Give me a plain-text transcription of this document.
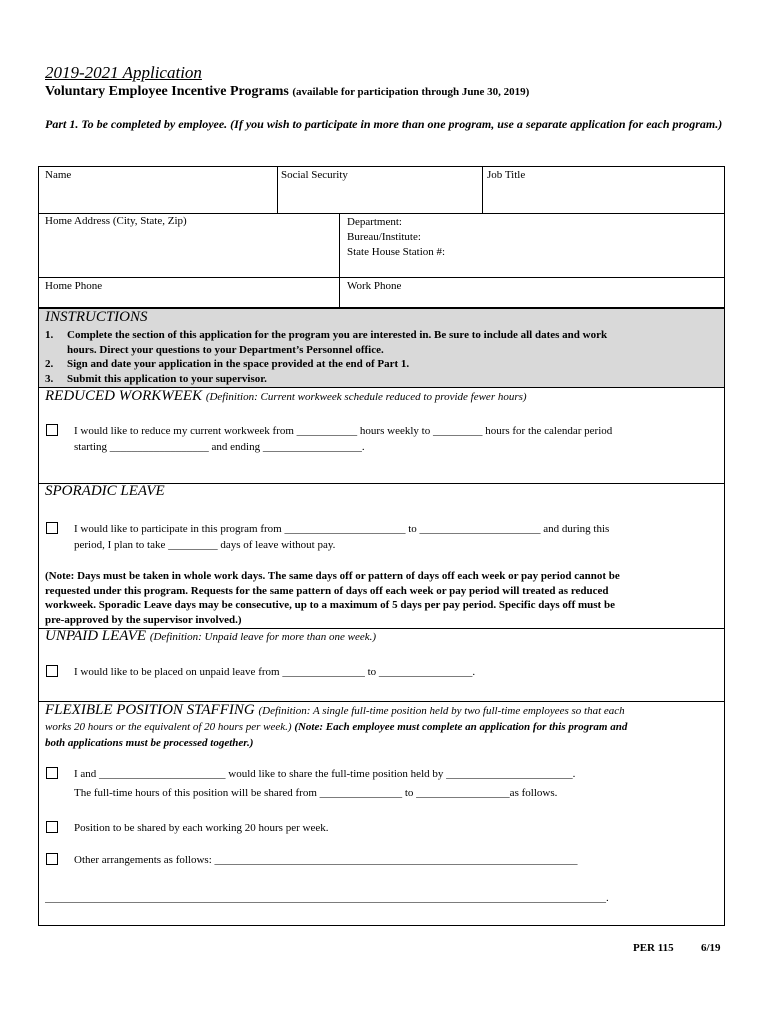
2019-2021 Application
Voluntary Employee Incentive Programs (available for participation through June 30, 2019)
Part 1. To be completed by employee. (If you wish to participate in more than one program, use a separate application for each program.)
Name	Social Security	Job Title
Home Address (City, State, Zip)	Department:
Bureau/Institute:
State House Station #:
Home Phone	Work Phone
INSTRUCTIONS
1. Complete the section of this application for the program you are interested in. Be sure to include all dates and work
hours. Direct your questions to your Department’s Personnel office.
2. Sign and date your application in the space provided at the end of Part 1.
3. Submit this application to your supervisor.
REDUCED WORKWEEK (Definition: Current workweek schedule reduced to provide fewer hours)
I would like to reduce my current workweek from ___________ hours weekly to _________ hours for the calendar period
starting __________________ and ending __________________.
SPORADIC LEAVE
I would like to participate in this program from ______________________ to ______________________ and during this
period, I plan to take _________ days of leave without pay.
(Note: Days must be taken in whole work days. The same days off or pattern of days off each week or pay period cannot be
requested under this program. Requests for the same pattern of days off each week or pay period will treated as reduced
workweek. Sporadic Leave days may be consecutive, up to a maximum of 5 days per pay period. Specific days off must be
pre-approved by the supervisor involved.)
UNPAID LEAVE (Definition: Unpaid leave for more than one week.)
I would like to be placed on unpaid leave from _______________ to _________________.
FLEXIBLE POSITION STAFFING (Definition: A single full-time position held by two full-time employees so that each
works 20 hours or the equivalent of 20 hours per week.) (Note: Each employee must complete an application for this program and
both applications must be processed together.)
I and _______________________ would like to share the full-time position held by _______________________.
The full-time hours of this position will be shared from _______________ to _________________as follows.
Position to be shared by each working 20 hours per week.
Other arrangements as follows: __________________________________________________________________
______________________________________________________________________________________________________.
PER 115 6/19
